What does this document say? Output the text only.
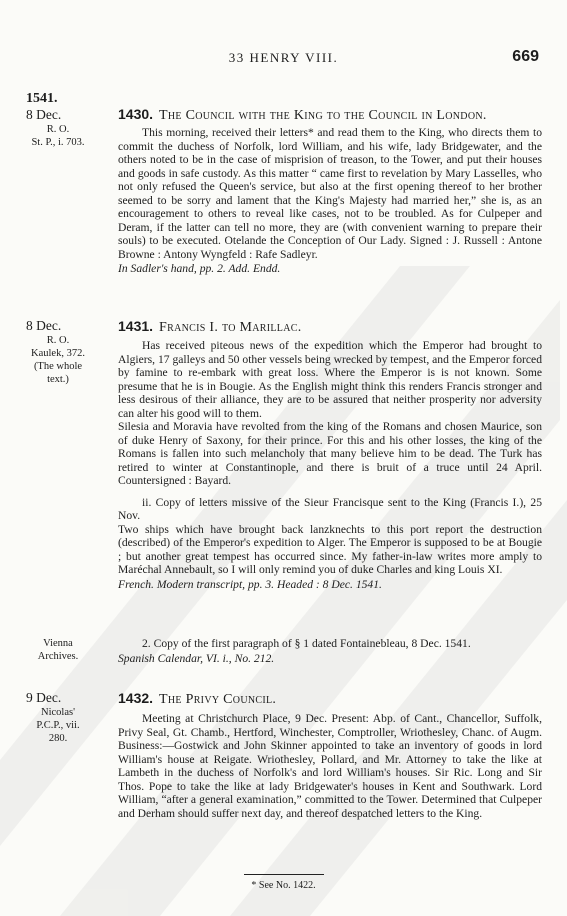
33 HENRY VIII.	669
1541.
8 Dec.
R. O.
St. P., i. 703.
1430. The Council with the King to the Council in London.

This morning, received their letters* and read them to the King, who directs them to commit the duchess of Norfolk, lord William, and his wife, lady Bridgewater, and the others noted to be in the case of misprision of treason, to the Tower, and put their houses and goods in safe custody. As this matter “ came first to revelation by Mary Lasselles, who not only refused the Queen's service, but also at the first opening thereof to her brother seemed to be sorry and lament that the King's Majesty had married her,” she is, as an encouragement to others to reveal like cases, not to be troubled. As for Culpeper and Deram, if the latter can tell no more, they are (with convenient warning to prepare their souls) to be executed. Otelande the Conception of Our Lady. Signed : J. Russell : Antone Browne : Antony Wyngfeld : Rafe Sadleyr.

In Sadler's hand, pp. 2. Add. Endd.

8 Dec.
R. O.
Kaulek, 372.
(The whole
text.)
1431. Francis I. to Marillac.

Has received piteous news of the expedition which the Emperor had brought to Algiers, 17 galleys and 50 other vessels being wrecked by tempest, and the Emperor forced by famine to re-embark with great loss. Where the Emperor is is not known. Some presume that he is in Bougie. As the English might think this renders Francis stronger and less desirous of their alliance, they are to be assured that neither prosperity nor adversity can alter his good will to them.

Silesia and Moravia have revolted from the king of the Romans and chosen Maurice, son of duke Henry of Saxony, for their prince. For this and his other losses, the king of the Romans is fallen into such melancholy that many believe him to be dead. The Turk has retired to winter at Constantinople, and there is bruit of a truce until 24 April. Countersigned : Bayard.

ii. Copy of letters missive of the Sieur Francisque sent to the King (Francis I.), 25 Nov.

Two ships which have brought back lanzknechts to this port report the destruction (described) of the Emperor's expedition to Alger. The Emperor is supposed to be at Bougie ; but another great tempest has occurred since. My father-in-law writes more amply to Maréchal Annebault, so I will only remind you of duke Charles and king Louis XI.

French. Modern transcript, pp. 3. Headed : 8 Dec. 1541.

Vienna
Archives.

2. Copy of the first paragraph of § 1 dated Fontainebleau, 8 Dec. 1541.

Spanish Calendar, VI. i., No. 212.

9 Dec.
Nicolas'
P.C.P., vii.
280.
1432. The Privy Council.

Meeting at Christchurch Place, 9 Dec. Present: Abp. of Cant., Chancellor, Suffolk, Privy Seal, Gt. Chamb., Hertford, Winchester, Comptroller, Wriothesley, Chanc. of Augm. Business:—Gostwick and John Skinner appointed to take an inventory of goods in lord William's house at Reigate. Wriothesley, Pollard, and Mr. Attorney to take the like at Lambeth in the duchess of Norfolk's and lord William's houses. Sir Ric. Long and Sir Thos. Pope to take the like at lady Bridgewater's houses in Kent and Southwark. Lord William, “after a general examination,” committed to the Tower. Determined that Culpeper and Derham should suffer next day, and thereof despatched letters to the King.

* See No. 1422.
